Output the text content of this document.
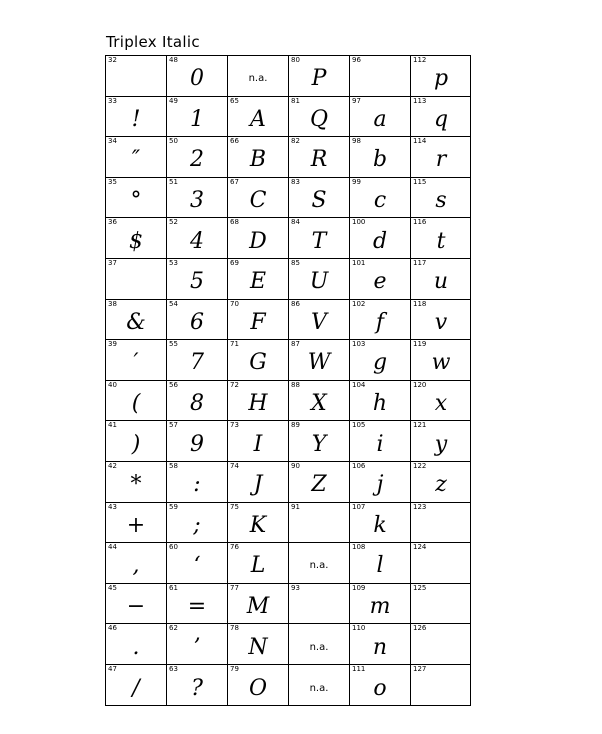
Triplex Italic
32
33
!
34
″
35
°
36
$
37
38
&
39
′
40
(
41
)
42
*
43
+
44
,
45
−
46
.
47
/
48
0
49
1
50
2
51
3
52
4
53
5
54
6
55
7
56
8
57
9
58
:
59
;
60
‘
61
=
62
’
63
?
n.a.
65
A
66
B
67
C
68
D
69
E
70
F
71
G
72
H
73
I
74
J
75
K
76
L
77
M
78
N
79
O
80
P
81
Q
82
R
83
S
84
T
85
U
86
V
87
W
88
X
89
Y
90
Z
91
n.a.
93
n.a.
n.a.
96
97
a
98
b
99
c
100
d
101
e
102
f
103
g
104
h
105
i
106
j
107
k
108
l
109
m
110
n
111
o
112
p
113
q
114
r
115
s
116
t
117
u
118
v
119
w
120
x
121
y
122
z
123
124
125
126
127
